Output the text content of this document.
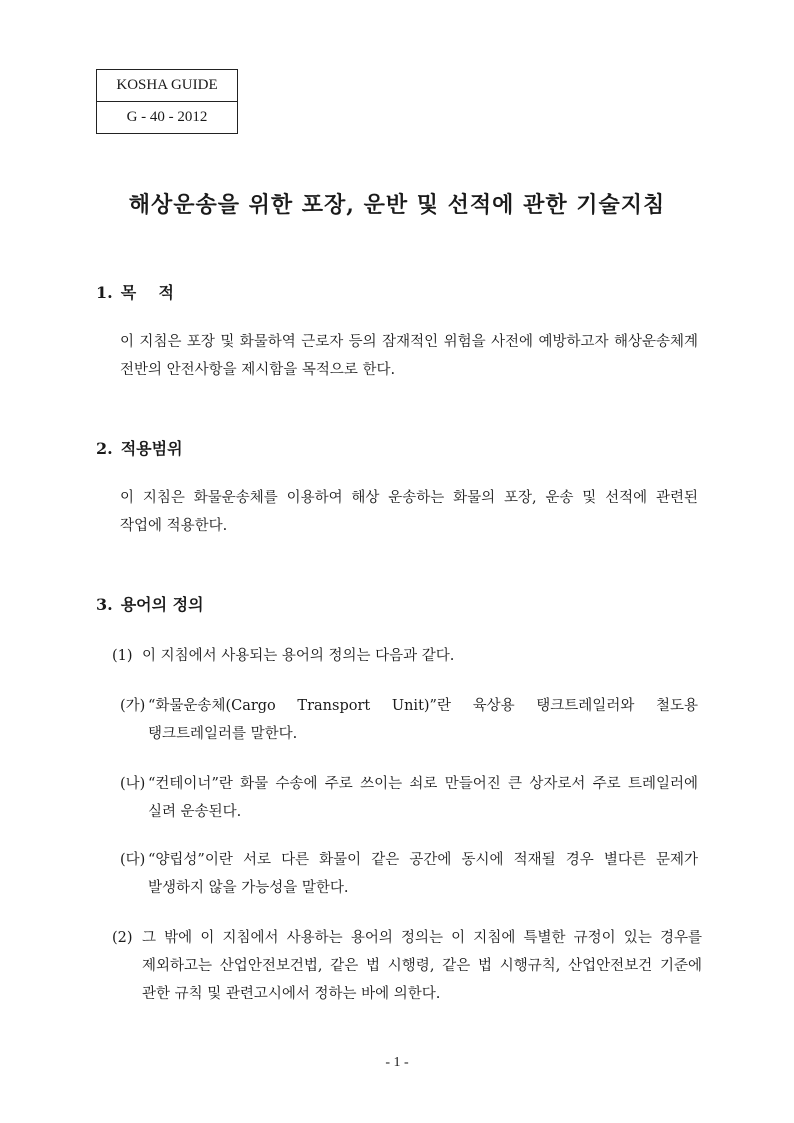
KOSHA GUIDE
G - 40 - 2012
해상운송을 위한 포장, 운반 및 선적에 관한 기술지침
1. 목    적
이 지침은 포장 및 화물하역 근로자 등의 잠재적인 위험을 사전에 예방하고자 해상운송체계 전반의 안전사항을 제시함을 목적으로 한다.
2. 적용범위
이 지침은 화물운송체를 이용하여 해상 운송하는 화물의 포장, 운송 및 선적에 관련된 작업에 적용한다.
3. 용어의 정의
(1) 이 지침에서 사용되는 용어의 정의는 다음과 같다.
(가) “화물운송체(Cargo Transport Unit)”란 육상용 탱크트레일러와 철도용 탱크트레일러를 말한다.
(나) “컨테이너”란 화물 수송에 주로 쓰이는 쇠로 만들어진 큰 상자로서 주로 트레일러에 실려 운송된다.
(다) “양립성”이란 서로 다른 화물이 같은 공간에 동시에 적재될 경우 별다른 문제가 발생하지 않을 가능성을 말한다.
(2) 그 밖에 이 지침에서 사용하는 용어의 정의는 이 지침에 특별한 규정이 있는 경우를 제외하고는 산업안전보건법, 같은 법 시행령, 같은 법 시행규칙, 산업안전보건 기준에 관한 규칙 및 관련고시에서 정하는 바에 의한다.
- 1 -
